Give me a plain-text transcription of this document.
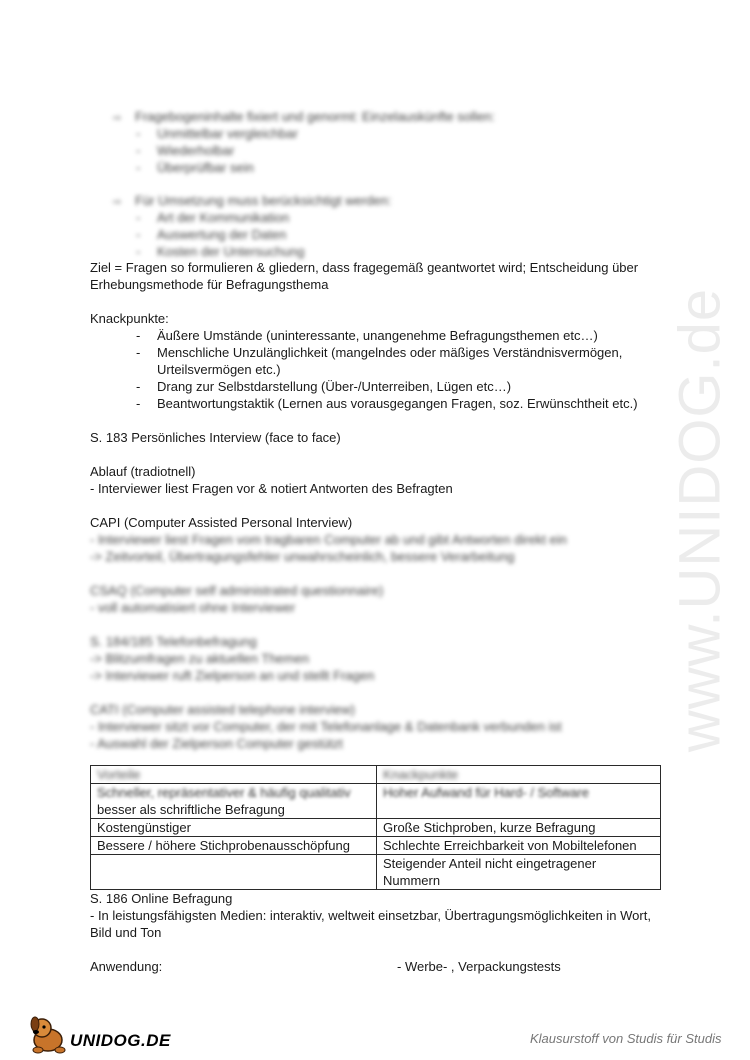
www.UNIDOG.de
⇨ Fragebogeninhalte fixiert und genormt: Einzelauskünfte sollen:
- Unmittelbar vergleichbar
- Wiederholbar
- Überprüfbar sein
⇨ Für Umsetzung muss berücksichtigt werden:
- Art der Kommunikation
- Auswertung der Daten
- Kosten der Untersuchung
Ziel = Fragen so formulieren & gliedern, dass fragegemäß geantwortet wird; Entscheidung über
Erhebungsmethode für Befragungsthema
Knackpunkte:
- Äußere Umstände (uninteressante, unangenehme Befragungsthemen etc…)
- Menschliche Unzulänglichkeit (mangelndes oder mäßiges Verständnisvermögen,
Urteilsvermögen etc.)
- Drang zur Selbstdarstellung (Über-/Unterreiben, Lügen etc…)
- Beantwortungstaktik (Lernen aus vorausgegangen Fragen, soz. Erwünschtheit etc.)
S. 183 Persönliches Interview (face to face)
Ablauf (tradiotnell)
- Interviewer liest Fragen vor & notiert Antworten des Befragten
CAPI (Computer Assisted Personal Interview)
- Interviewer liest Fragen vom tragbaren Computer ab und gibt Antworten direkt ein
-> Zeitvorteil, Übertragungsfehler unwahrscheinlich, bessere Verarbeitung
CSAQ (Computer self administrated questionnaire)
- voll automatisiert ohne Interviewer
S. 184/185 Telefonbefragung
-> Blitzumfragen zu aktuellen Themen
-> Interviewer ruft Zielperson an und stellt Fragen
CATI (Computer assisted telephone interview)
- Interviewer sitzt vor Computer, der mit Telefonanlage & Datenbank verbunden ist
- Auswahl der Zielperson Computer gestützt
Vorteile	Knackpunkte

Schneller, repräsentativer & häufig qualitativ
besser als schriftliche Befragung	Hoher Aufwand für Hard- / Software

Kostengünstiger	Große Stichproben, kurze Befragung
Bessere / höhere Stichprobenausschöpfung	Schlechte Erreichbarkeit von Mobiltelefonen
	Steigender Anteil nicht eingetragener Nummern
S. 186 Online Befragung
- In leistungsfähigsten Medien: interaktiv, weltweit einsetzbar, Übertragungsmöglichkeiten in Wort,
Bild und Ton
Anwendung:	- Werbe- , Verpackungstests
UNIDOG.DE	Klausurstoff von Studis für Studis
